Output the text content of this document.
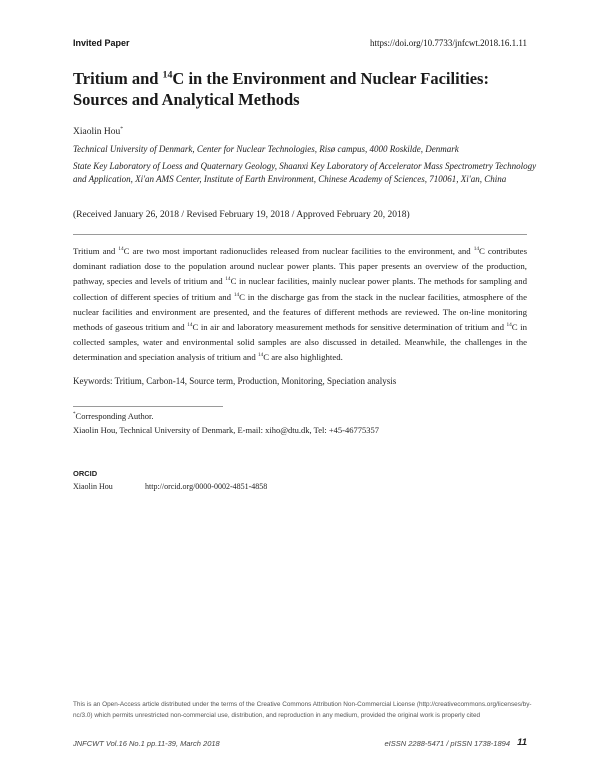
Invited Paper	https://doi.org/10.7733/jnfcwt.2018.16.1.11
Tritium and $^{14}$C in the Environment and Nuclear Facilities: Sources and Analytical Methods
Xiaolin Hou*
Technical University of Denmark, Center for Nuclear Technologies, Risø campus, 4000 Roskilde, Denmark
State Key Laboratory of Loess and Quaternary Geology, Shaanxi Key Laboratory of Accelerator Mass Spectrometry Technology and Application, Xi'an AMS Center, Institute of Earth Environment, Chinese Academy of Sciences, 710061, Xi'an, China
(Received January 26, 2018 / Revised February 19, 2018 / Approved February 20, 2018)

Tritium and $^{14}$C are two most important radionuclides released from nuclear facilities to the environment, and $^{14}$C contributes dominant radiation dose to the population around nuclear power plants. This paper presents an overview of the production, pathway, species and levels of tritium and $^{14}$C in nuclear facilities, mainly nuclear power plants. The methods for sampling and collection of different species of tritium and $^{14}$C in the discharge gas from the stack in the nuclear facilities, atmosphere of the nuclear facilities and environment are presented, and the features of different methods are reviewed. The on-line monitoring methods of gaseous tritium and $^{14}$C in air and laboratory measurement methods for sensitive determination of tritium and $^{14}$C in collected samples, water and environmental solid samples are also discussed in detailed. Meanwhile, the challenges in the determination and speciation analysis of tritium and $^{14}$C are also highlighted.

Keywords: Tritium, Carbon-14, Source term, Production, Monitoring, Speciation analysis
*Corresponding Author.
Xiaolin Hou, Technical University of Denmark, E-mail: xiho@dtu.dk, Tel: +45-46775357
ORCID
Xiaolin Hou	http://orcid.org/0000-0002-4851-4858
This is an Open-Access article distributed under the terms of the Creative Commons Attribution Non-Commercial License (http://creativecommons.org/licenses/by-nc/3.0) which permits unrestricted non-commercial use, distribution, and reproduction in any medium, provided the original work is properly cited
JNFCWT Vol.16 No.1 pp.11-39, March 2018	eISSN 2288-5471 / pISSN 1738-1894 11
